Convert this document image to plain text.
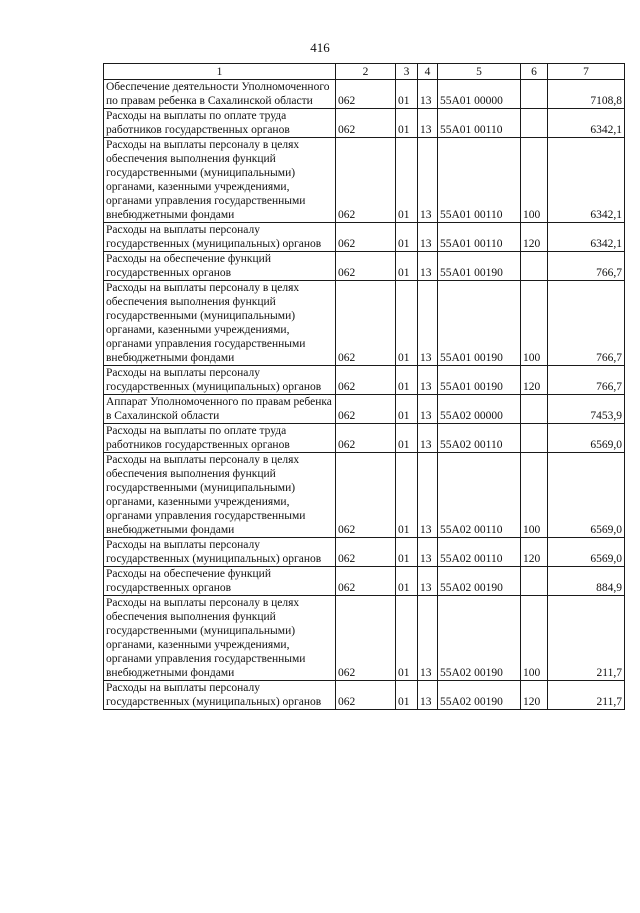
416
1	2	3	4	5	6	7
Обеспечение деятельности Уполномоченного по правам ребенка в Сахалинской области	062	01	13	55А01 00000		7108,8
Расходы на выплаты по оплате труда работников государственных органов	062	01	13	55А01 00110		6342,1
Расходы на выплаты персоналу в целях обеспечения выполнения функций государственными (муниципальными) органами, казенными учреждениями, органами управления государственными внебюджетными фондами	062	01	13	55А01 00110	100	6342,1
Расходы на выплаты персоналу государственных (муниципальных) органов	062	01	13	55А01 00110	120	6342,1
Расходы на обеспечение функций государственных органов	062	01	13	55А01 00190		766,7
Расходы на выплаты персоналу в целях обеспечения выполнения функций государственными (муниципальными) органами, казенными учреждениями, органами управления государственными внебюджетными фондами	062	01	13	55А01 00190	100	766,7
Расходы на выплаты персоналу государственных (муниципальных) органов	062	01	13	55А01 00190	120	766,7
Аппарат Уполномоченного по правам ребенка в Сахалинской области	062	01	13	55А02 00000		7453,9
Расходы на выплаты по оплате труда работников государственных органов	062	01	13	55А02 00110		6569,0
Расходы на выплаты персоналу в целях обеспечения выполнения функций государственными (муниципальными) органами, казенными учреждениями, органами управления государственными внебюджетными фондами	062	01	13	55А02 00110	100	6569,0
Расходы на выплаты персоналу государственных (муниципальных) органов	062	01	13	55А02 00110	120	6569,0
Расходы на обеспечение функций государственных органов	062	01	13	55А02 00190		884,9
Расходы на выплаты персоналу в целях обеспечения выполнения функций государственными (муниципальными) органами, казенными учреждениями, органами управления государственными внебюджетными фондами	062	01	13	55А02 00190	100	211,7
Расходы на выплаты персоналу государственных (муниципальных) органов	062	01	13	55А02 00190	120	211,7
